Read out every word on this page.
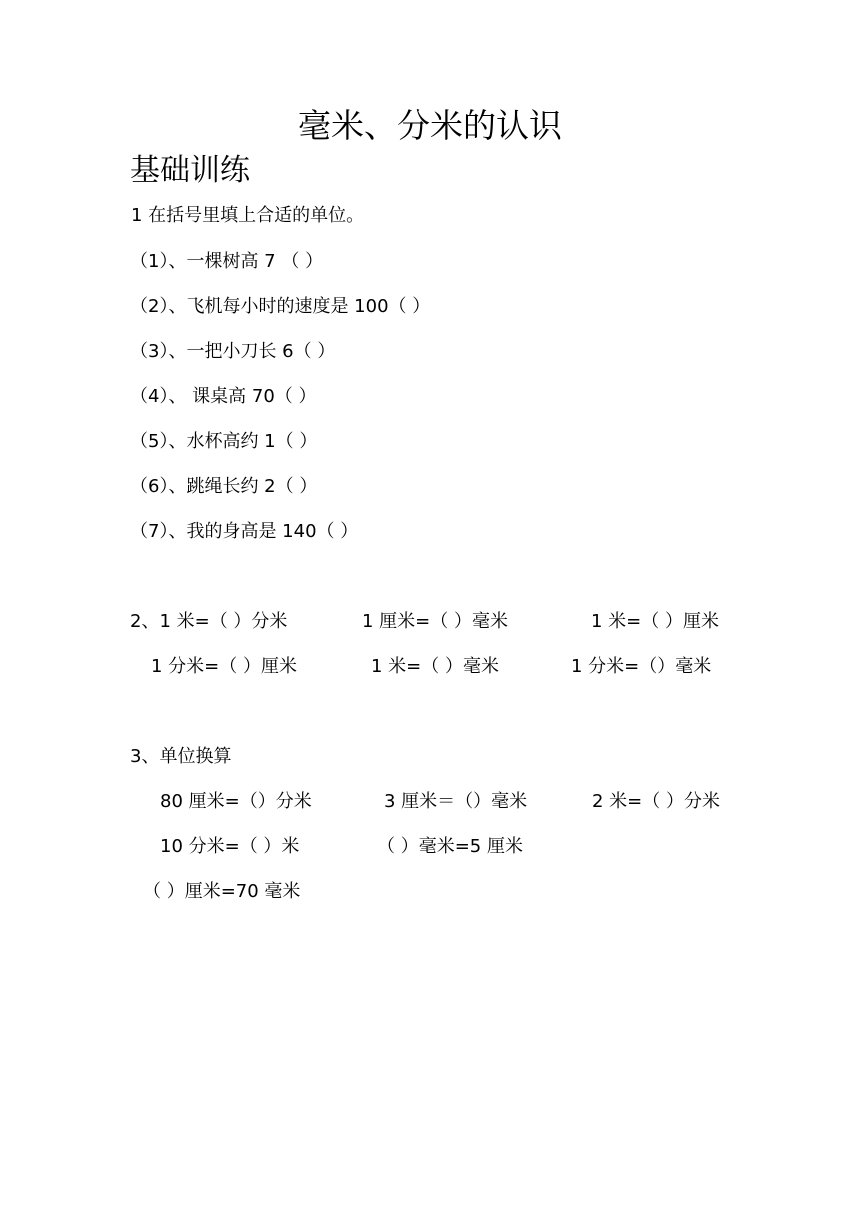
毫米、分米的认识
基础训练
1 在括号里填上合适的单位。
（1）、一棵树高 7 （ ）
（2）、飞机每小时的速度是 100（ ）
（3）、一把小刀长 6（ ）
（4）、 课桌高 70（ ）
（5）、水杯高约 1（ ）
（6）、跳绳长约 2（ ）
（7）、我的身高是 140（ ）
2、1 米=（ ）分米	1 厘米=（ ）毫米	1 米=（ ）厘米
1 分米=（ ）厘米	1 米=（ ）毫米	1 分米=（）毫米
3、单位换算
80 厘米=（）分米	3 厘米＝（）毫米	2 米=（ ）分米
10 分米=（ ）米	（ ）毫米=5 厘米
（ ）厘米=70 毫米
